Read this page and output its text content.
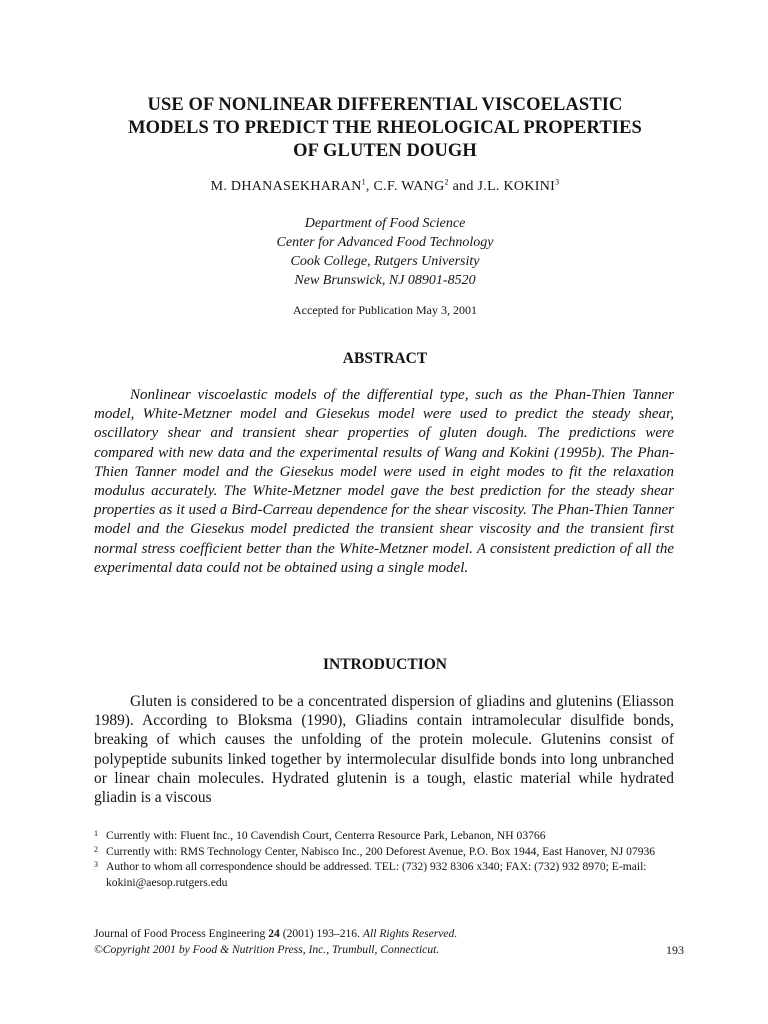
USE OF NONLINEAR DIFFERENTIAL VISCOELASTIC
MODELS TO PREDICT THE RHEOLOGICAL PROPERTIES
OF GLUTEN DOUGH
M. DHANASEKHARAN$^1$, C.F. WANG$^2$ and J.L. KOKINI$^3$
Department of Food Science
Center for Advanced Food Technology
Cook College, Rutgers University
New Brunswick, NJ 08901-8520
Accepted for Publication May 3, 2001
ABSTRACT

Nonlinear viscoelastic models of the differential type, such as the Phan-Thien Tanner model, White-Metzner model and Giesekus model were used to predict the steady shear, oscillatory shear and transient shear properties of gluten dough. The predictions were compared with new data and the experimental results of Wang and Kokini (1995b). The Phan-Thien Tanner model and the Giesekus model were used in eight modes to fit the relaxation modulus accurately. The White-Metzner model gave the best prediction for the steady shear properties as it used a Bird-Carreau dependence for the shear viscosity. The Phan-Thien Tanner model and the Giesekus model predicted the transient shear viscosity and the transient first normal stress coefficient better than the White-Metzner model. A consistent prediction of all the experimental data could not be obtained using a single model.

INTRODUCTION

Gluten is considered to be a concentrated dispersion of gliadins and glutenins (Eliasson 1989). According to Bloksma (1990), Gliadins contain intramolecular disulfide bonds, breaking of which causes the unfolding of the protein molecule. Glutenins consist of polypeptide subunits linked together by intermolecular disulfide bonds into long unbranched or linear chain molecules. Hydrated glutenin is a tough, elastic material while hydrated gliadin is a viscous

1 Currently with: Fluent Inc., 10 Cavendish Court, Centerra Resource Park, Lebanon, NH 03766
2 Currently with: RMS Technology Center, Nabisco Inc., 200 Deforest Avenue, P.O. Box 1944, East Hanover, NJ 07936
3 Author to whom all correspondence should be addressed. TEL: (732) 932 8306 x340; FAX: (732) 932 8970; E-mail: kokini@aesop.rutgers.edu
Journal of Food Process Engineering 24 (2001) 193–216. All Rights Reserved.
©Copyright 2001 by Food & Nutrition Press, Inc., Trumbull, Connecticut.	193
